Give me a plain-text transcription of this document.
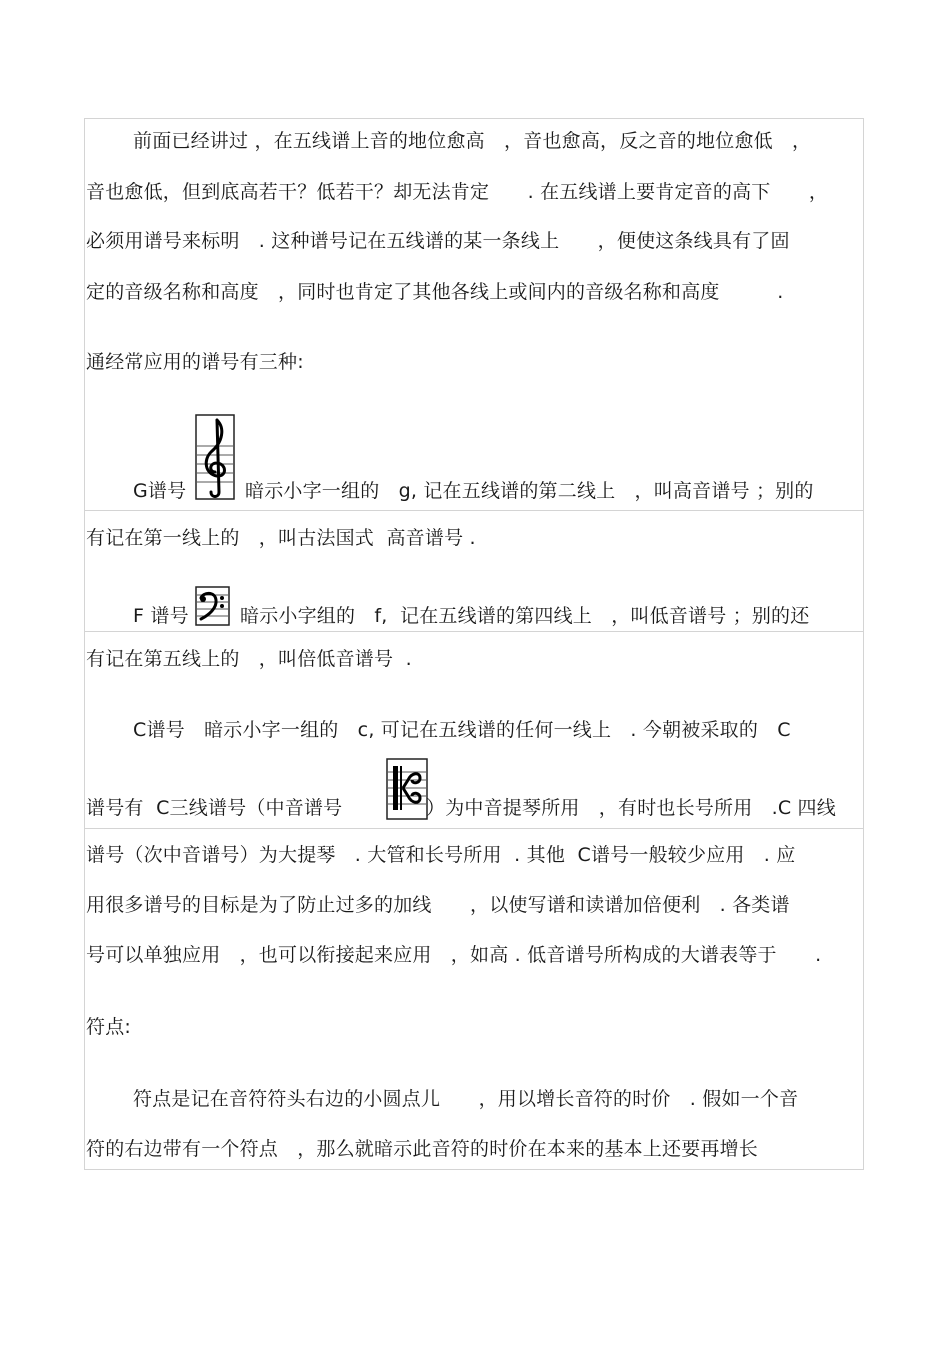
前面已经讲过 ，在五线谱上音的地位愈高　，音也愈高，反之音的地位愈低　，
音也愈低，但到底高若干？低若干？却无法肯定　　. 在五线谱上要肯定音的高下　　，
必须用谱号来标明　. 这种谱号记在五线谱的某一条线上　　，便使这条线具有了固
定的音级名称和高度　，同时也肯定了其他各线上或间内的音级名称和高度　　　.
通经常应用的谱号有三种:
G谱号	暗示小字一组的　g, 记在五线谱的第二线上　，叫高音谱号 ；别的
有记在第一线上的　，叫古法国式  高音谱号 .
F 谱号	暗示小字组的　f,  记在五线谱的第四线上　，叫低音谱号 ；别的还
有记在第五线上的　，叫倍低音谱号  .
C谱号　暗示小字一组的　c, 可记在五线谱的任何一线上　. 今朝被采取的　C
谱号有  C三线谱号（中音谱号	）为中音提琴所用　，有时也长号所用　.C 四线
谱号（次中音谱号）为大提琴　. 大管和长号所用  . 其他  C谱号一般较少应用　. 应
用很多谱号的目标是为了防止过多的加线　　，以使写谱和读谱加倍便利　. 各类谱
号可以单独应用　，也可以衔接起来应用　，如高 . 低音谱号所构成的大谱表等于　　.
符点:
符点是记在音符符头右边的小圆点儿　　，用以增长音符的时价　. 假如一个音
符的右边带有一个符点　，那么就暗示此音符的时价在本来的基本上还要再增长
